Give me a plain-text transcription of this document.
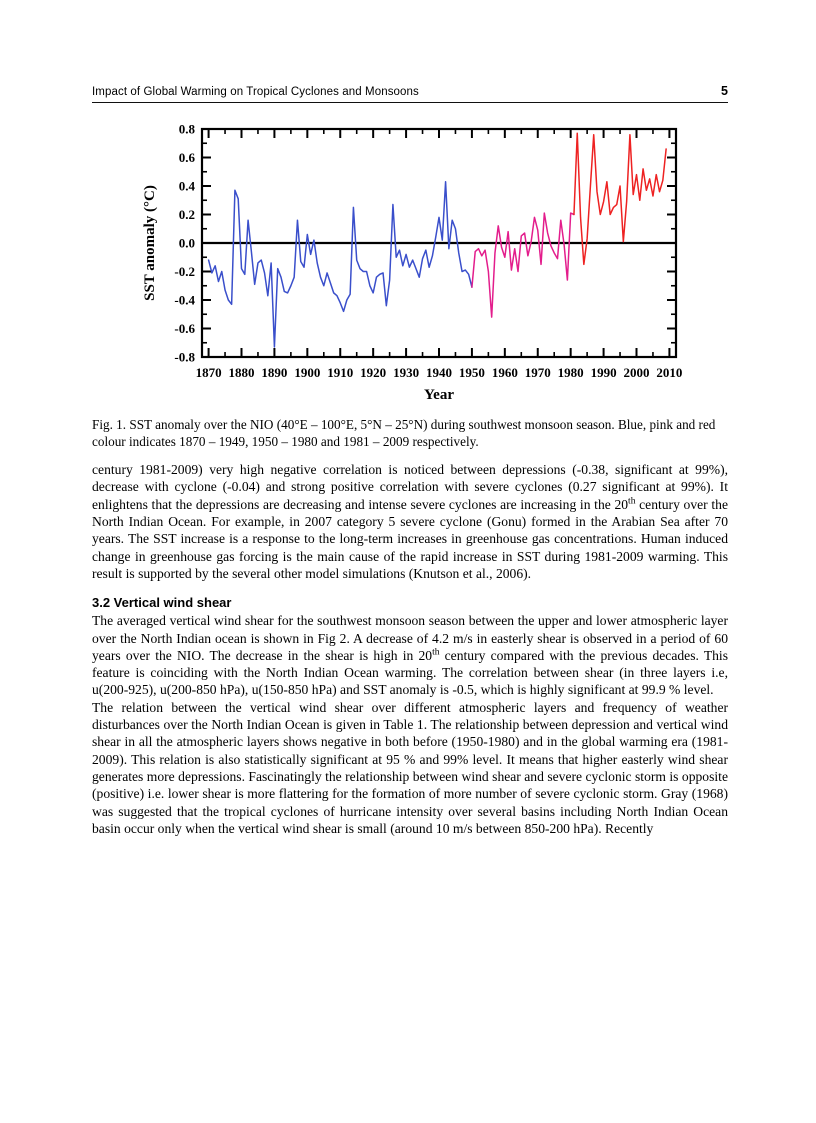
Impact of Global Warming on Tropical Cyclones and Monsoons	5
0.8
0.6
0.4
0.2
0.0
-0.2
-0.4
-0.6
-0.8
1870 1880 1890 1900 1910 1920 1930 1940 1950 1960 1970 1980 1990 2000 2010
Year
SST anomaly (°C)
Fig. 1. SST anomaly over the NIO (40°E – 100°E, 5°N – 25°N) during southwest monsoon season. Blue, pink and red colour indicates 1870 – 1949, 1950 – 1980 and 1981 – 2009 respectively.

century 1981-2009) very high negative correlation is noticed between depressions (-0.38, significant at 99%), decrease with cyclone (-0.04) and strong positive correlation with severe cyclones (0.27 significant at 99%). It enlightens that the depressions are decreasing and intense severe cyclones are increasing in the 20th century over the North Indian Ocean. For example, in 2007 category 5 severe cyclone (Gonu) formed in the Arabian Sea after 70 years. The SST increase is a response to the long-term increases in greenhouse gas concentrations. Human induced change in greenhouse gas forcing is the main cause of the rapid increase in SST during 1981-2009 warming. This result is supported by the several other model simulations (Knutson et al., 2006).

3.2 Vertical wind shear

The averaged vertical wind shear for the southwest monsoon season between the upper and lower atmospheric layer over the North Indian ocean is shown in Fig 2. A decrease of 4.2 m/s in easterly shear is observed in a period of 60 years over the NIO. The decrease in the shear is high in 20th century compared with the previous decades. This feature is coinciding with the North Indian Ocean warming. The correlation between shear (in three layers i.e, u(200-925), u(200-850 hPa), u(150-850 hPa) and SST anomaly is -0.5, which is highly significant at 99.9 % level.

The relation between the vertical wind shear over different atmospheric layers and frequency of weather disturbances over the North Indian Ocean is given in Table 1. The relationship between depression and vertical wind shear in all the atmospheric layers shows negative in both before (1950-1980) and in the global warming era (1981-2009). This relation is also statistically significant at 95 % and 99% level. It means that higher easterly wind shear generates more depressions. Fascinatingly the relationship between wind shear and severe cyclonic storm is opposite (positive) i.e. lower shear is more flattering for the formation of more number of severe cyclonic storm. Gray (1968) was suggested that the tropical cyclones of hurricane intensity over several basins including North Indian Ocean basin occur only when the vertical wind shear is small (around 10 m/s between 850-200 hPa). Recently
